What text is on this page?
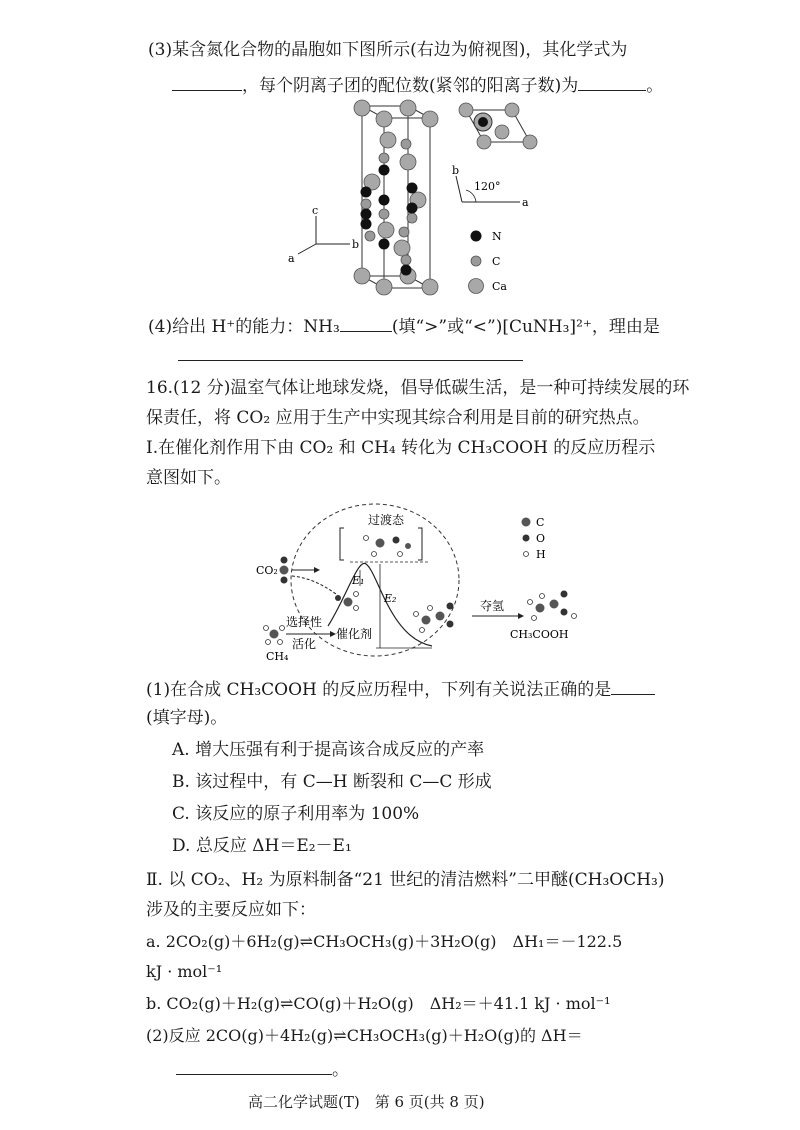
(3)某含氮化合物的晶胞如下图所示(右边为俯视图)，其化学式为
，每个阴离子团的配位数(紧邻的阳离子数)为	。
c
a
b
b
120°
a
N
C
Ca
(4)给出 H⁺的能力：NH₃	(填“>”或“<”)[CuNH₃]²⁺，理由是
16.(12 分)温室气体让地球发烧，倡导低碳生活，是一种可持续发展的环
保责任，将 CO₂ 应用于生产中实现其综合利用是目前的研究热点。
Ⅰ.在催化剂作用下由 CO₂ 和 CH₄ 转化为 CH₃COOH 的反应历程示
意图如下。
过渡态
E₁
E₂
CO₂
CH₄
选择性
活化
催化剂
夺氢
CH₃COOH
C
O
H
(1)在合成 CH₃COOH 的反应历程中，下列有关说法正确的是
(填字母)。
A. 增大压强有利于提高该合成反应的产率
B. 该过程中，有 C—H 断裂和 C—C 形成
C. 该反应的原子利用率为 100%
D. 总反应 ΔH＝E₂－E₁
Ⅱ. 以 CO₂、H₂ 为原料制备“21 世纪的清洁燃料”二甲醚(CH₃OCH₃)
涉及的主要反应如下：
a. 2CO₂(g)＋6H₂(g)⇌CH₃OCH₃(g)＋3H₂O(g)　ΔH₁＝－122.5
kJ · mol⁻¹
b. CO₂(g)＋H₂(g)⇌CO(g)＋H₂O(g)　ΔH₂＝＋41.1 kJ · mol⁻¹
(2)反应 2CO(g)＋4H₂(g)⇌CH₃OCH₃(g)＋H₂O(g)的 ΔH＝
。
高二化学试题(T)　第 6 页(共 8 页)
